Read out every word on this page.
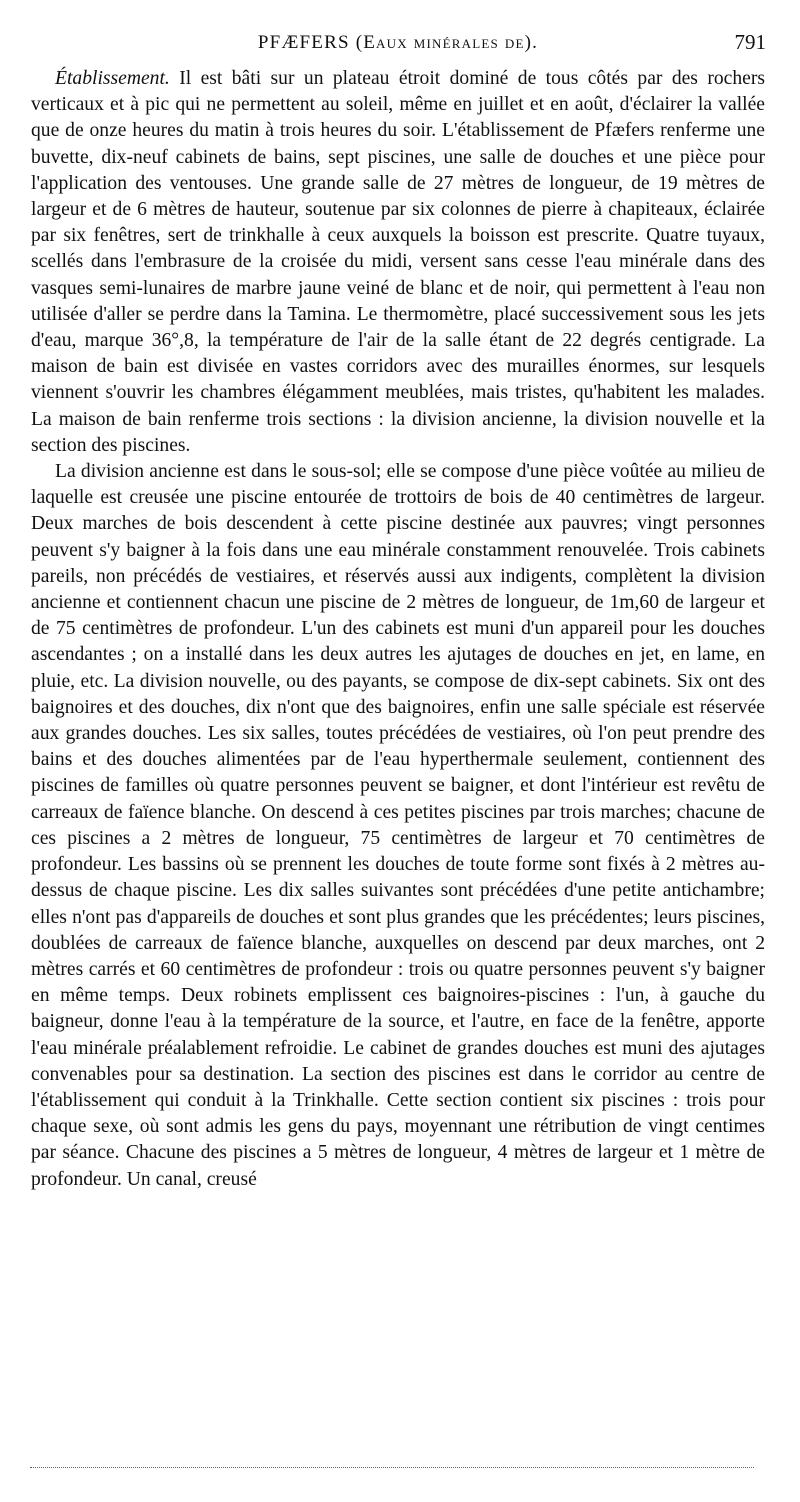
PFÆFERS (Eaux minérales de).	791

Établissement. Il est bâti sur un plateau étroit dominé de tous côtés par des rochers verticaux et à pic qui ne permettent au soleil, même en juillet et en août, d'éclairer la vallée que de onze heures du matin à trois heures du soir. L'établissement de Pfæfers renferme une buvette, dix-neuf cabinets de bains, sept piscines, une salle de douches et une pièce pour l'application des ventouses. Une grande salle de 27 mètres de longueur, de 19 mètres de largeur et de 6 mètres de hauteur, soutenue par six colonnes de pierre à chapiteaux, éclairée par six fenêtres, sert de trinkhalle à ceux auxquels la boisson est prescrite. Quatre tuyaux, scellés dans l'embrasure de la croisée du midi, versent sans cesse l'eau minérale dans des vasques semi-lunaires de marbre jaune veiné de blanc et de noir, qui permettent à l'eau non utilisée d'aller se perdre dans la Tamina. Le thermomètre, placé successivement sous les jets d'eau, marque 36°,8, la température de l'air de la salle étant de 22 degrés centigrade. La maison de bain est divisée en vastes corridors avec des murailles énormes, sur lesquels viennent s'ouvrir les chambres élégamment meublées, mais tristes, qu'habitent les malades. La maison de bain renferme trois sections : la division ancienne, la division nouvelle et la section des piscines.

La division ancienne est dans le sous-sol; elle se compose d'une pièce voûtée au milieu de laquelle est creusée une piscine entourée de trottoirs de bois de 40 centimètres de largeur. Deux marches de bois descendent à cette piscine destinée aux pauvres; vingt personnes peuvent s'y baigner à la fois dans une eau minérale constamment renouvelée. Trois cabinets pareils, non précédés de vestiaires, et réservés aussi aux indigents, complètent la division ancienne et contiennent chacun une piscine de 2 mètres de longueur, de 1m,60 de largeur et de 75 centimètres de profondeur. L'un des cabinets est muni d'un appareil pour les douches ascendantes ; on a installé dans les deux autres les ajutages de douches en jet, en lame, en pluie, etc. La division nouvelle, ou des payants, se compose de dix-sept cabinets. Six ont des baignoires et des douches, dix n'ont que des baignoires, enfin une salle spéciale est réservée aux grandes douches. Les six salles, toutes précédées de vestiaires, où l'on peut prendre des bains et des douches alimentées par de l'eau hyperthermale seulement, contiennent des piscines de familles où quatre personnes peuvent se baigner, et dont l'intérieur est revêtu de carreaux de faïence blanche. On descend à ces petites piscines par trois marches; chacune de ces piscines a 2 mètres de longueur, 75 centimètres de largeur et 70 centimètres de profondeur. Les bassins où se prennent les douches de toute forme sont fixés à 2 mètres au-dessus de chaque piscine. Les dix salles suivantes sont précédées d'une petite antichambre; elles n'ont pas d'appareils de douches et sont plus grandes que les précédentes; leurs piscines, doublées de carreaux de faïence blanche, auxquelles on descend par deux marches, ont 2 mètres carrés et 60 centimètres de profondeur : trois ou quatre personnes peuvent s'y baigner en même temps. Deux robinets emplissent ces baignoires-piscines : l'un, à gauche du baigneur, donne l'eau à la température de la source, et l'autre, en face de la fenêtre, apporte l'eau minérale préalablement refroidie. Le cabinet de grandes douches est muni des ajutages convenables pour sa destination. La section des piscines est dans le corridor au centre de l'établissement qui conduit à la Trinkhalle. Cette section contient six piscines : trois pour chaque sexe, où sont admis les gens du pays, moyennant une rétribution de vingt centimes par séance. Chacune des piscines a 5 mètres de longueur, 4 mètres de largeur et 1 mètre de profondeur. Un canal, creusé
